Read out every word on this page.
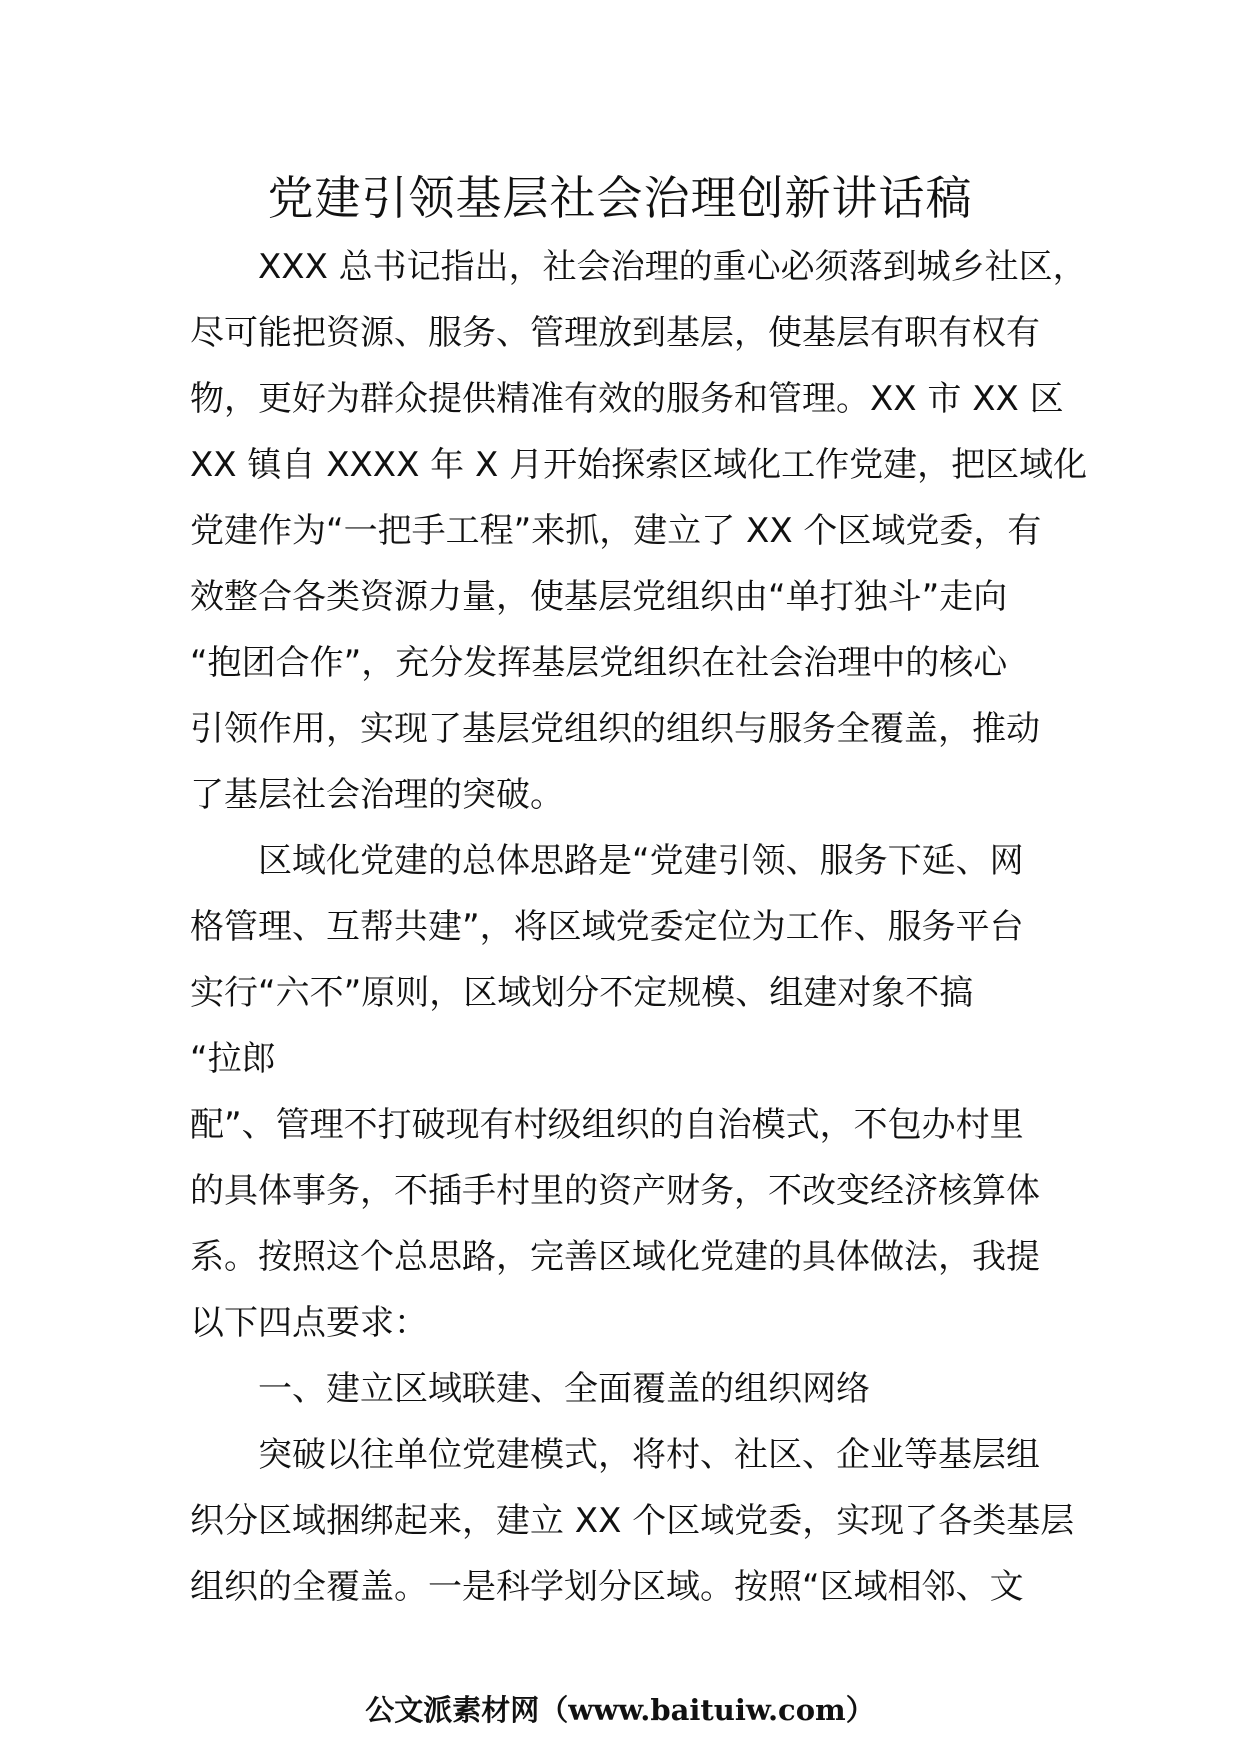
党建引领基层社会治理创新讲话稿

XXX 总书记指出，社会治理的重心必须落到城乡社区，
尽可能把资源、服务、管理放到基层，使基层有职有权有
物，更好为群众提供精准有效的服务和管理。XX 市 XX 区
XX 镇自 XXXX 年 X 月开始探索区域化工作党建，把区域化
党建作为“一把手工程”来抓，建立了 XX 个区域党委，有
效整合各类资源力量，使基层党组织由“单打独斗”走向
“抱团合作”，充分发挥基层党组织在社会治理中的核心
引领作用，实现了基层党组织的组织与服务全覆盖，推动
了基层社会治理的突破。

区域化党建的总体思路是“党建引领、服务下延、网
格管理、互帮共建”，将区域党委定位为工作、服务平台
实行“六不”原则，区域划分不定规模、组建对象不搞
“拉郎
配”、管理不打破现有村级组织的自治模式，不包办村里
的具体事务，不插手村里的资产财务，不改变经济核算体
系。按照这个总思路，完善区域化党建的具体做法，我提
以下四点要求：

一、建立区域联建、全面覆盖的组织网络

突破以往单位党建模式，将村、社区、企业等基层组
织分区域捆绑起来，建立 XX 个区域党委，实现了各类基层
组织的全覆盖。一是科学划分区域。按照“区域相邻、文

公文派素材网（www.baituiw.com）
